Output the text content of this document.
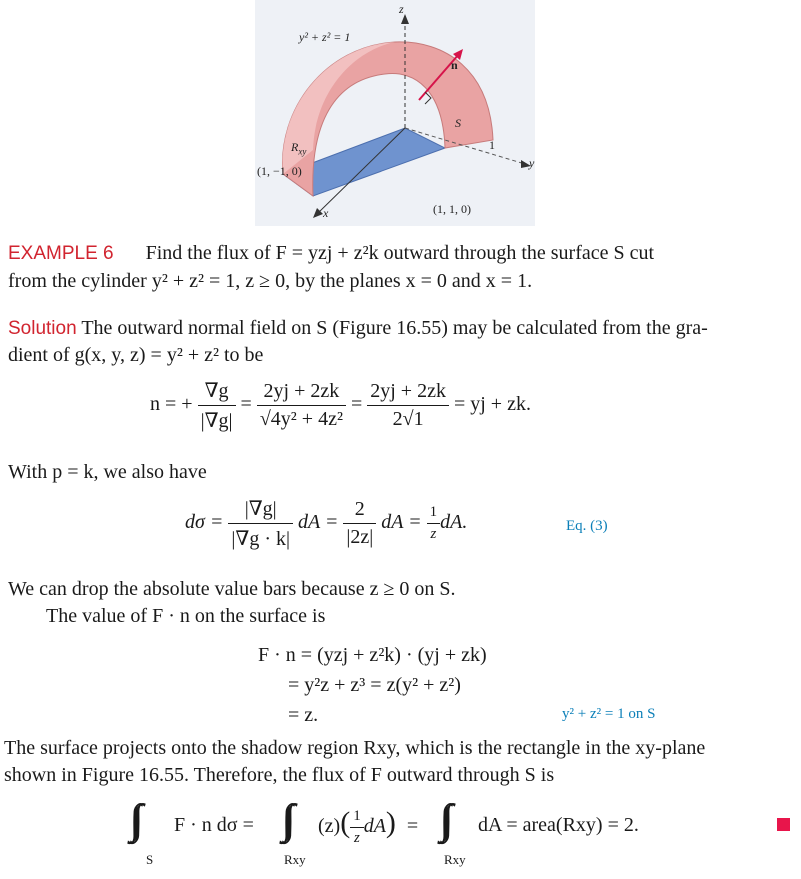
y² + z² = 1
z
n
S
$R_{xy}$	1
y
x
(1, −1, 0)
(1, 1, 0)
EXAMPLE 6 Find the flux of F = yzj + z²k outward through the surface S cut
from the cylinder y² + z² = 1, z ≥ 0, by the planes x = 0 and x = 1.
Solution The outward normal field on S (Figure 16.55) may be calculated from the gra-
dient of g(x, y, z) = y² + z² to be
n = + $\frac{\nabla g}{|\nabla g|} = \frac{2yj + 2zk}{\text{√4y² + 4z²}} = \frac{2yj + 2zk}{2√1}$ = yj + zk.
With p = k, we also have
$d\sigma = \frac{|\nabla g|}{|\nabla g \cdot k|}$ dA = $\frac{2}{|2z|}$ dA = $\frac{1}{z}$ dA.	Eq. (3)
We can drop the absolute value bars because z ≥ 0 on S.
The value of F · n on the surface is
F · n = (yzj + z²k) · (yj + zk)
= y²z + z³ = z(y² + z²)
= z.	y² + z² = 1 on S
The surface projects onto the shadow region Rxy, which is the rectangle in the xy-plane
shown in Figure 16.55. Therefore, the flux of F outward through S is
S
F · n dσ =
Rxy
$(z)( \frac{1}{z} dA)$ =
Rxy
dA = area(Rxy) = 2.
